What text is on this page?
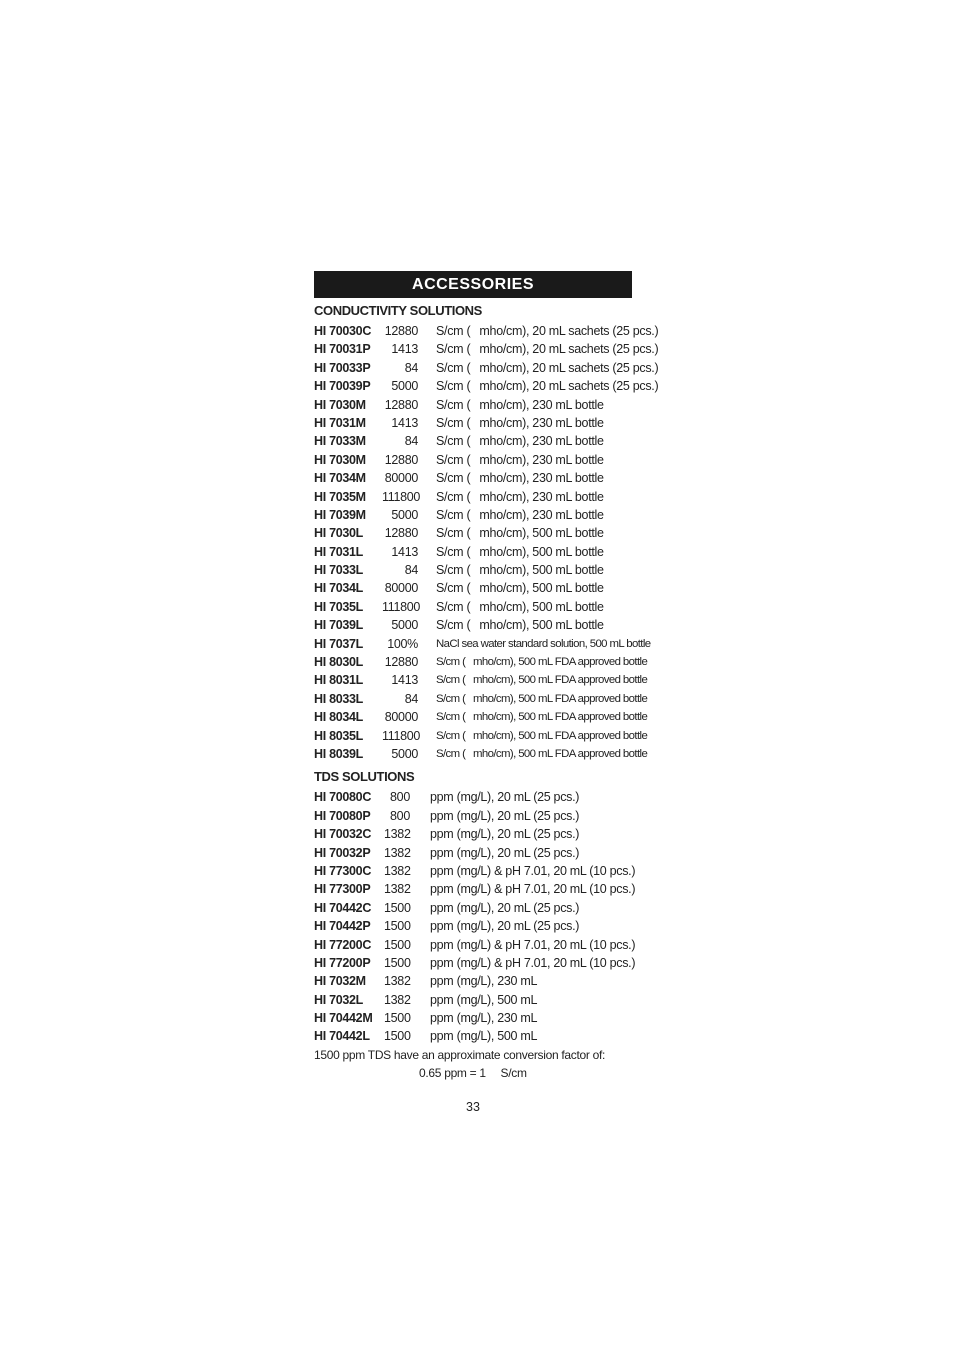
ACCESSORIES
CONDUCTIVITY SOLUTIONS
HI 70030C	12880	S/cm (  mho/cm), 20 mL sachets (25 pcs.)
HI 70031P	1413	S/cm (  mho/cm), 20 mL sachets (25 pcs.)
HI 70033P	84	S/cm (  mho/cm), 20 mL sachets (25 pcs.)
HI 70039P	5000	S/cm (  mho/cm), 20 mL sachets (25 pcs.)
HI 7030M	12880	S/cm (  mho/cm), 230 mL bottle
HI 7031M	1413	S/cm (  mho/cm), 230 mL bottle
HI 7033M	84	S/cm (  mho/cm), 230 mL bottle
HI 7030M	12880	S/cm (  mho/cm), 230 mL bottle
HI 7034M	80000	S/cm (  mho/cm), 230 mL bottle
HI 7035M	111800	S/cm (  mho/cm), 230 mL bottle
HI 7039M	5000	S/cm (  mho/cm), 230 mL bottle
HI 7030L	12880	S/cm (  mho/cm), 500 mL bottle
HI 7031L	1413	S/cm (  mho/cm), 500 mL bottle
HI 7033L	84	S/cm (  mho/cm), 500 mL bottle
HI 7034L	80000	S/cm (  mho/cm), 500 mL bottle
HI 7035L	111800	S/cm (  mho/cm), 500 mL bottle
HI 7039L	5000	S/cm (  mho/cm), 500 mL bottle
HI 7037L	100%	NaCl sea water standard solution, 500 mL bottle
HI 8030L	12880	S/cm (  mho/cm), 500 mL FDA approved bottle
HI 8031L	1413	S/cm (  mho/cm), 500 mL FDA approved bottle
HI 8033L	84	S/cm (  mho/cm), 500 mL FDA approved bottle
HI 8034L	80000	S/cm (  mho/cm), 500 mL FDA approved bottle
HI 8035L	111800	S/cm (  mho/cm), 500 mL FDA approved bottle
HI 8039L	5000	S/cm (  mho/cm), 500 mL FDA approved bottle
TDS SOLUTIONS
HI 70080C	800	ppm (mg/L), 20 mL (25 pcs.)
HI 70080P	800	ppm (mg/L), 20 mL (25 pcs.)
HI 70032C	1382	ppm (mg/L), 20 mL (25 pcs.)
HI 70032P	1382	ppm (mg/L), 20 mL (25 pcs.)
HI 77300C	1382	ppm (mg/L) & pH 7.01, 20 mL (10 pcs.)
HI 77300P	1382	ppm (mg/L) & pH 7.01, 20 mL (10 pcs.)
HI 70442C	1500	ppm (mg/L), 20 mL (25 pcs.)
HI 70442P	1500	ppm (mg/L), 20 mL (25 pcs.)
HI 77200C	1500	ppm (mg/L) & pH 7.01, 20 mL (10 pcs.)
HI 77200P	1500	ppm (mg/L) & pH 7.01, 20 mL (10 pcs.)
HI 7032M	1382	ppm (mg/L), 230 mL
HI 7032L	1382	ppm (mg/L), 500 mL
HI 70442M 1500	ppm (mg/L), 230 mL
HI 70442L	1500	ppm (mg/L), 500 mL
1500 ppm TDS have an approximate conversion factor of:
0.65 ppm = 1  S/cm
33
